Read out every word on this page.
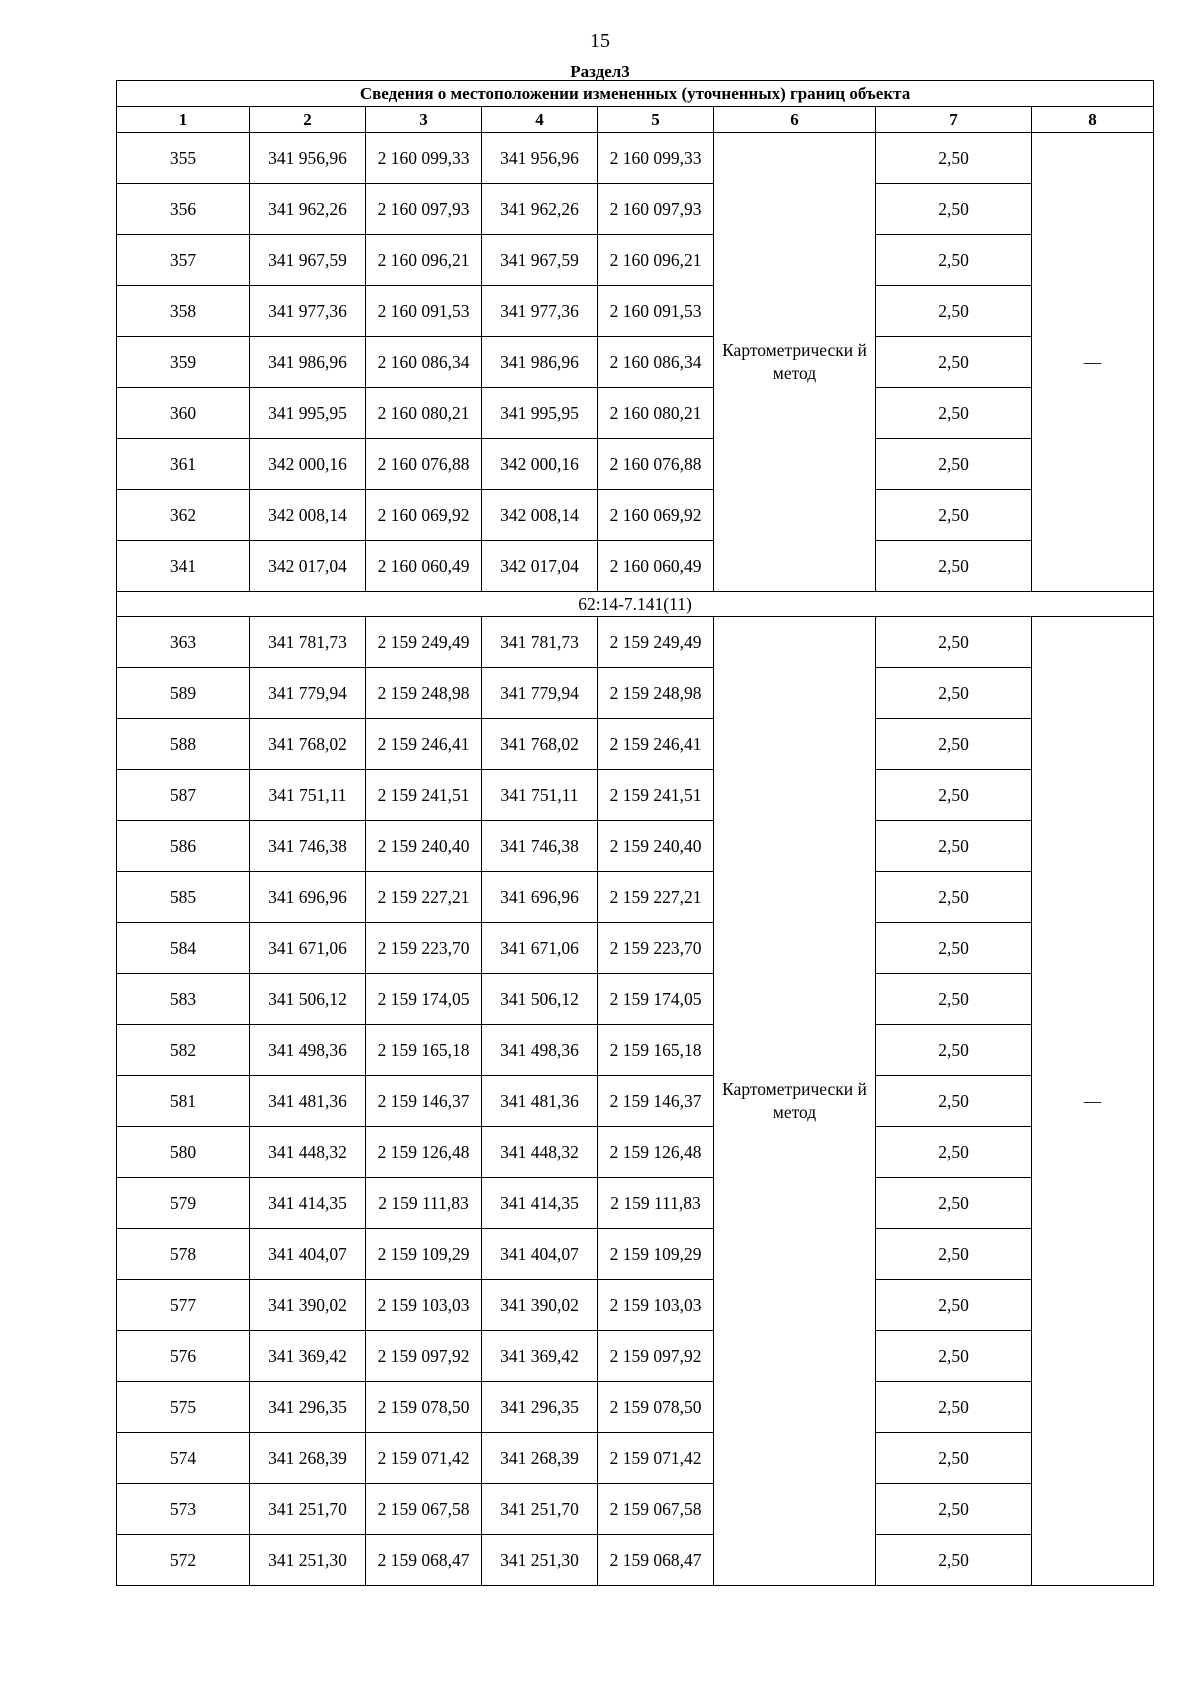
15
Раздел3
Сведения о местоположении измененных (уточненных) границ объекта							
1	2	3	4	5	6	7	8
355	341 956,96	2 160 099,33	341 956,96	2 160 099,33	Картометрически й метод	2,50	—
356	341 962,26	2 160 097,93	341 962,26	2 160 097,93		2,50	
357	341 967,59	2 160 096,21	341 967,59	2 160 096,21		2,50	
358	341 977,36	2 160 091,53	341 977,36	2 160 091,53		2,50	
359	341 986,96	2 160 086,34	341 986,96	2 160 086,34		2,50	
360	341 995,95	2 160 080,21	341 995,95	2 160 080,21		2,50	
361	342 000,16	2 160 076,88	342 000,16	2 160 076,88		2,50	
362	342 008,14	2 160 069,92	342 008,14	2 160 069,92		2,50	
341	342 017,04	2 160 060,49	342 017,04	2 160 060,49		2,50	
62:14-7.141(11)							
363	341 781,73	2 159 249,49	341 781,73	2 159 249,49	Картометрически й метод	2,50	—
589	341 779,94	2 159 248,98	341 779,94	2 159 248,98		2,50	
588	341 768,02	2 159 246,41	341 768,02	2 159 246,41		2,50	
587	341 751,11	2 159 241,51	341 751,11	2 159 241,51		2,50	
586	341 746,38	2 159 240,40	341 746,38	2 159 240,40		2,50	
585	341 696,96	2 159 227,21	341 696,96	2 159 227,21		2,50	
584	341 671,06	2 159 223,70	341 671,06	2 159 223,70		2,50	
583	341 506,12	2 159 174,05	341 506,12	2 159 174,05		2,50	
582	341 498,36	2 159 165,18	341 498,36	2 159 165,18		2,50	
581	341 481,36	2 159 146,37	341 481,36	2 159 146,37		2,50	
580	341 448,32	2 159 126,48	341 448,32	2 159 126,48		2,50	
579	341 414,35	2 159 111,83	341 414,35	2 159 111,83		2,50	
578	341 404,07	2 159 109,29	341 404,07	2 159 109,29		2,50	
577	341 390,02	2 159 103,03	341 390,02	2 159 103,03		2,50	
576	341 369,42	2 159 097,92	341 369,42	2 159 097,92		2,50	
575	341 296,35	2 159 078,50	341 296,35	2 159 078,50		2,50	
574	341 268,39	2 159 071,42	341 268,39	2 159 071,42		2,50	
573	341 251,70	2 159 067,58	341 251,70	2 159 067,58		2,50	
572	341 251,30	2 159 068,47	341 251,30	2 159 068,47		2,50	
